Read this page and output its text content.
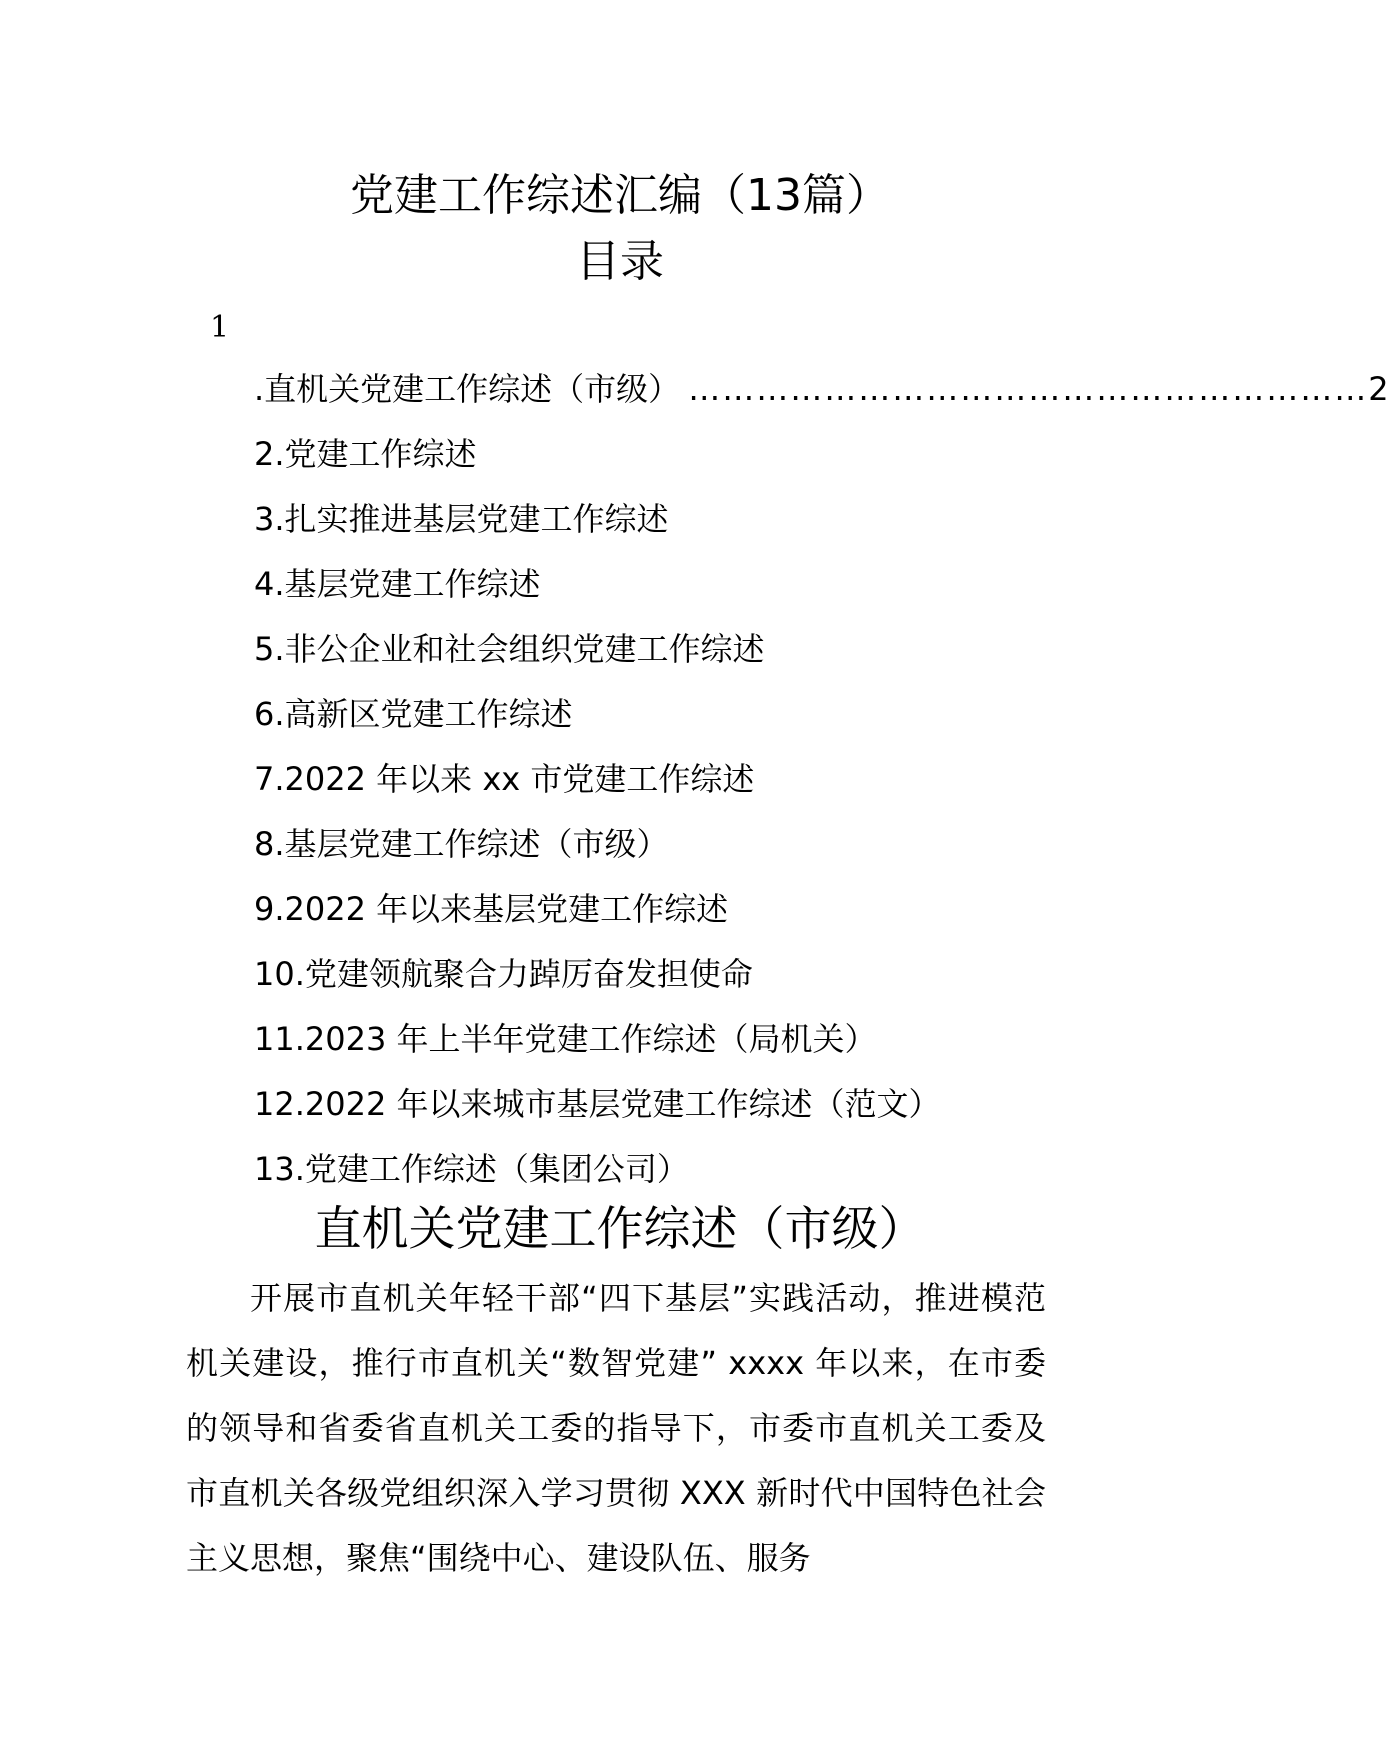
党建工作综述汇编（13篇）
目录
1
.直机关党建工作综述（市级） …………………………………………………… 2
2.党建工作综述
3.扎实推进基层党建工作综述
4.基层党建工作综述
5.非公企业和社会组织党建工作综述
6.高新区党建工作综述
7.2022 年以来 xx 市党建工作综述
8.基层党建工作综述（市级）
9.2022 年以来基层党建工作综述
10.党建领航聚合力踔厉奋发担使命
11.2023 年上半年党建工作综述（局机关）
12.2022 年以来城市基层党建工作综述（范文）
13.党建工作综述（集团公司）
直机关党建工作综述（市级）

开展市直机关年轻干部“四下基层”实践活动，推进模范机关建设，推行市直机关“数智党建” xxxx 年以来，在市委的领导和省委省直机关工委的指导下，市委市直机关工委及市直机关各级党组织深入学习贯彻 XXX 新时代中国特色社会主义思想，聚焦“围绕中心、建设队伍、服务
